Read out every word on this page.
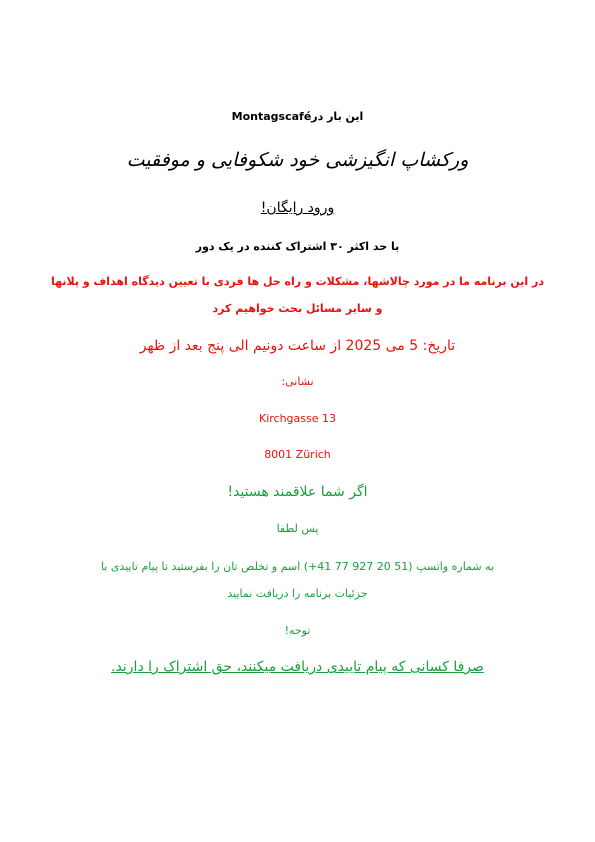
این بار درMontagscafé
ورکشاپ انگیزشی خود شکوفایی و موفقیت
ورود رایگان!
با حد اکثر ۳۰ اشتراک کننده در یک دور
در این برنامه ما در مورد چالاشها، مشکلات و راه حل ها فردی با تعیین دیدگاه اهداف و پلانها
و سایر مسائل بحث خواهیم کرد
تاریخ: 5 می 2025 از ساعت دونیم الی پنج بعد از ظهر
نشانی:
Kirchgasse 13
8001 Zürich
اگر شما علاقمند هستید!
پس لطفا
به شماره واتسپ (51 20 927 77 41+) اسم و تخلص تان را بفرستید تا پیام تاییدی با
جزئیات برنامه را دریافت نمایید
توجه!
صرفا کسانی که پیام تاییدی دریافت میکنند، حق اشتراک را دارند.
